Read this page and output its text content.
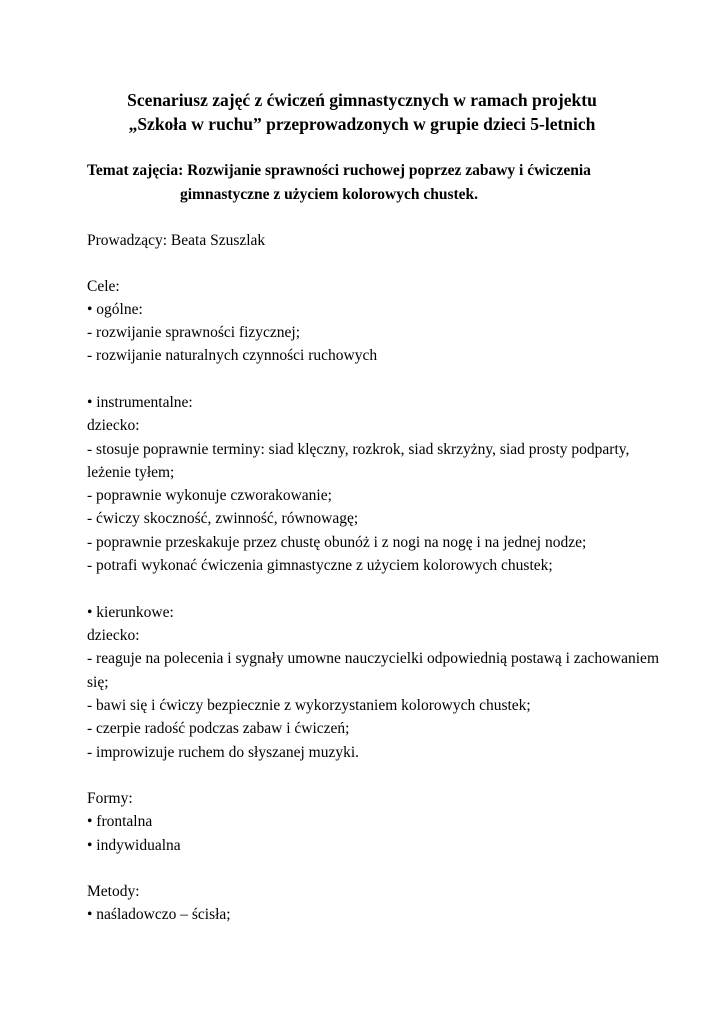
Scenariusz zajęć z ćwiczeń gimnastycznych w ramach projektu
„Szkoła w ruchu” przeprowadzonych w grupie dzieci 5-letnich
Temat zajęcia: Rozwijanie sprawności ruchowej poprzez zabawy i ćwiczenia
gimnastyczne z użyciem kolorowych chustek.
Prowadzący: Beata Szuszlak
Cele:
• ogólne:
- rozwijanie sprawności fizycznej;
- rozwijanie naturalnych czynności ruchowych
• instrumentalne:
dziecko:
- stosuje poprawnie terminy: siad klęczny, rozkrok, siad skrzyżny, siad prosty podparty,
leżenie tyłem;
- poprawnie wykonuje czworakowanie;
- ćwiczy skoczność, zwinność, równowagę;
- poprawnie przeskakuje przez chustę obunóż i z nogi na nogę i na jednej nodze;
- potrafi wykonać ćwiczenia gimnastyczne z użyciem kolorowych chustek;
• kierunkowe:
dziecko:
- reaguje na polecenia i sygnały umowne nauczycielki odpowiednią postawą i zachowaniem
się;
- bawi się i ćwiczy bezpiecznie z wykorzystaniem kolorowych chustek;
- czerpie radość podczas zabaw i ćwiczeń;
- improwizuje ruchem do słyszanej muzyki.
Formy:
• frontalna
• indywidualna
Metody:
• naśladowczo – ścisła;
